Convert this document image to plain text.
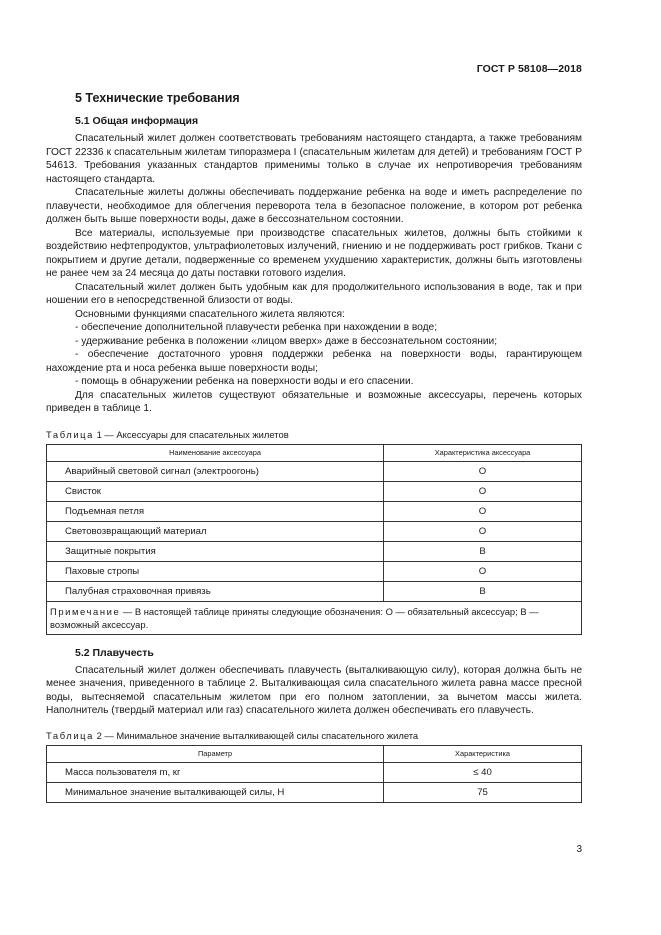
ГОСТ Р 58108—2018
5 Технические требования
5.1 Общая информация

Спасательный жилет должен соответствовать требованиям настоящего стандарта, а также требованиям ГОСТ 22336 к спасательным жилетам типоразмера I (спасательным жилетам для детей) и требованиям ГОСТ Р 54613. Требования указанных стандартов применимы только в случае их непротиворечия требованиям настоящего стандарта.

Спасательные жилеты должны обеспечивать поддержание ребенка на воде и иметь распределение по плавучести, необходимое для облегчения переворота тела в безопасное положение, в котором рот ребенка должен быть выше поверхности воды, даже в бессознательном состоянии.

Все материалы, используемые при производстве спасательных жилетов, должны быть стойкими к воздействию нефтепродуктов, ультрафиолетовых излучений, гниению и не поддерживать рост грибков. Ткани с покрытием и другие детали, подверженные со временем ухудшению характеристик, должны быть изготовлены не ранее чем за 24 месяца до даты поставки готового изделия.

Спасательный жилет должен быть удобным как для продолжительного использования в воде, так и при ношении его в непосредственной близости от воды.

Основными функциями спасательного жилета являются:

- обеспечение дополнительной плавучести ребенка при нахождении в воде;

- удерживание ребенка в положении «лицом вверх» даже в бессознательном состоянии;

- обеспечение достаточного уровня поддержки ребенка на поверхности воды, гарантирующем нахождение рта и носа ребенка выше поверхности воды;

- помощь в обнаружении ребенка на поверхности воды и его спасении.

Для спасательных жилетов существуют обязательные и возможные аксессуары, перечень которых приведен в таблице 1.

Таблица 1 — Аксессуары для спасательных жилетов
Наименование аксессуара	Характеристика аксессуара
Аварийный световой сигнал (электроогонь)	О
Свисток	О
Подъемная петля	О
Световозвращающий материал	О
Защитные покрытия	В
Паховые стропы	О
Палубная страховочная привязь	В
Примечание — В настоящей таблице приняты следующие обозначения: О — обязательный аксессуар; В — возможный аксессуар.	
5.2 Плавучесть

Спасательный жилет должен обеспечивать плавучесть (выталкивающую силу), которая должна быть не менее значения, приведенного в таблице 2. Выталкивающая сила спасательного жилета равна массе пресной воды, вытесняемой спасательным жилетом при его полном затоплении, за вычетом массы жилета. Наполнитель (твердый материал или газ) спасательного жилета должен обеспечивать его плавучесть.

Таблица 2 — Минимальное значение выталкивающей силы спасательного жилета
Параметр	Характеристика
Масса пользователя m, кг	≤ 40
Минимальное значение выталкивающей силы, Н	75
3
